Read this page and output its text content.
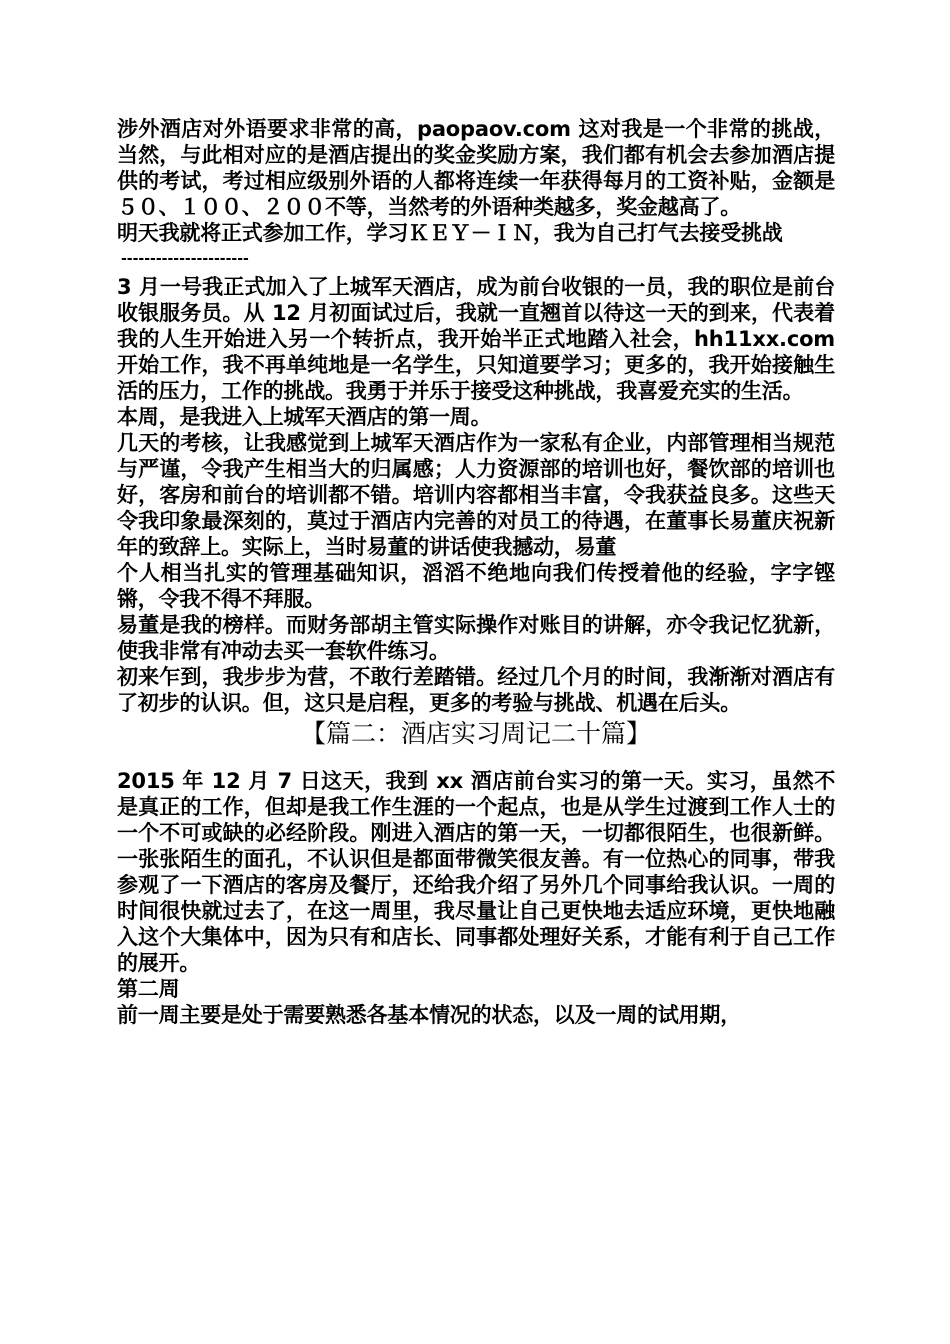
涉外酒店对外语要求非常的高，paopaov.com 这对我是一个非常的挑战，当然，与此相对应的是酒店提出的奖金奖励方案，我们都有机会去参加酒店提供的考试，考过相应级别外语的人都将连续一年获得每月的工资补贴，金额是５０、１００、２００不等，当然考的外语种类越多，奖金越高了。

明天我就将正式参加工作，学习ＫＥＹ－ＩＮ，我为自己打气去接受挑战

----------------------

3 月一号我正式加入了上城军天酒店，成为前台收银的一员，我的职位是前台收银服务员。从 12 月初面试过后，我就一直翘首以待这一天的到来，代表着我的人生开始进入另一个转折点，我开始半正式地踏入社会，hh11xx.com 开始工作，我不再单纯地是一名学生，只知道要学习；更多的，我开始接触生活的压力，工作的挑战。我勇于并乐于接受这种挑战，我喜爱充实的生活。

本周，是我进入上城军天酒店的第一周。

几天的考核，让我感觉到上城军天酒店作为一家私有企业，内部管理相当规范与严谨，令我产生相当大的归属感；人力资源部的培训也好，餐饮部的培训也好，客房和前台的培训都不错。培训内容都相当丰富，令我获益良多。这些天令我印象最深刻的，莫过于酒店内完善的对员工的待遇，在董事长易董庆祝新年的致辞上。实际上，当时易董的讲话使我撼动，易董

个人相当扎实的管理基础知识，滔滔不绝地向我们传授着他的经验，字字铿锵，令我不得不拜服。

易董是我的榜样。而财务部胡主管实际操作对账目的讲解，亦令我记忆犹新，使我非常有冲动去买一套软件练习。

初来乍到，我步步为营，不敢行差踏错。经过几个月的时间，我渐渐对酒店有了初步的认识。但，这只是启程，更多的考验与挑战、机遇在后头。

【篇二：酒店实习周记二十篇】

2015 年 12 月 7 日这天，我到 xx 酒店前台实习的第一天。实习，虽然不是真正的工作，但却是我工作生涯的一个起点，也是从学生过渡到工作人士的一个不可或缺的必经阶段。刚进入酒店的第一天，一切都很陌生，也很新鲜。一张张陌生的面孔，不认识但是都面带微笑很友善。有一位热心的同事，带我参观了一下酒店的客房及餐厅，还给我介绍了另外几个同事给我认识。一周的时间很快就过去了，在这一周里，我尽量让自己更快地去适应环境，更快地融入这个大集体中，因为只有和店长、同事都处理好关系，才能有利于自己工作的展开。

第二周

前一周主要是处于需要熟悉各基本情况的状态，以及一周的试用期，
